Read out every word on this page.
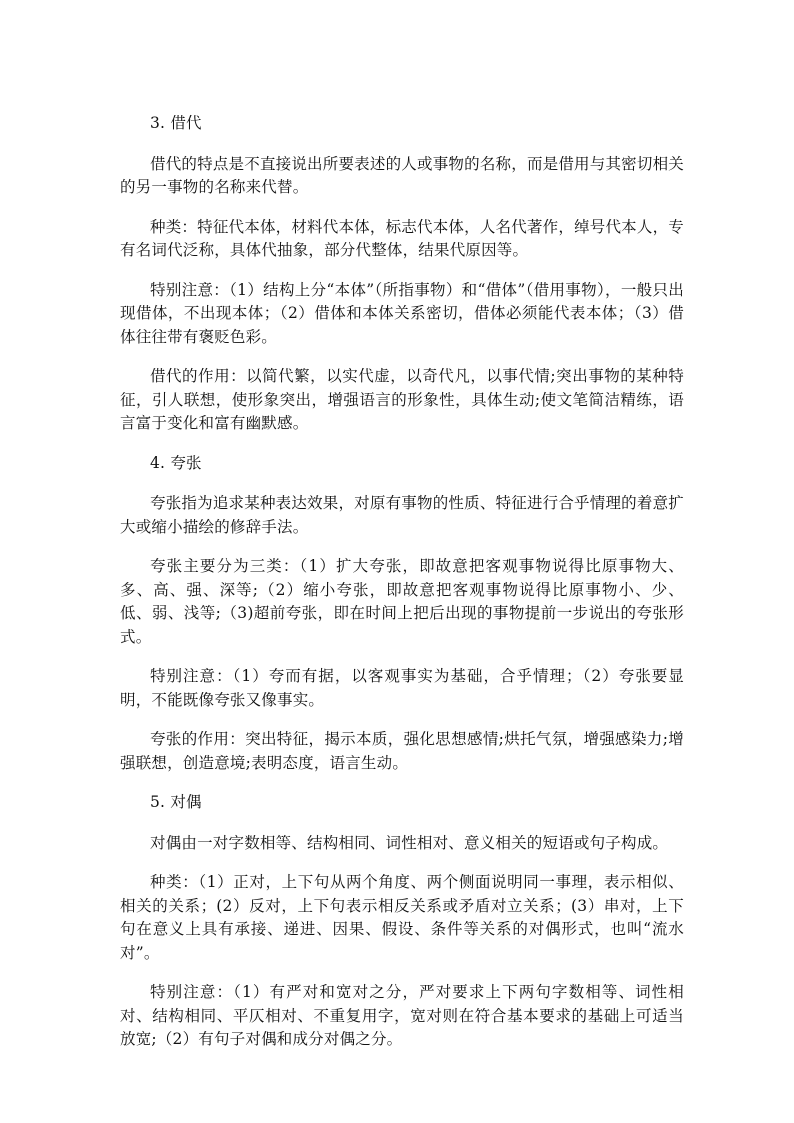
3. 借代

借代的特点是不直接说出所要表述的人或事物的名称，而是借用与其密切相关的另一事物的名称来代替。

种类：特征代本体，材料代本体，标志代本体，人名代著作，绰号代本人，专有名词代泛称，具体代抽象，部分代整体，结果代原因等。

特别注意：（1）结构上分“本体”（所指事物）和“借体”（借用事物），一般只出现借体，不出现本体；（2）借体和本体关系密切，借体必须能代表本体；（3）借体往往带有褒贬色彩。

借代的作用：以简代繁，以实代虚，以奇代凡，以事代情;突出事物的某种特征，引人联想，使形象突出，增强语言的形象性，具体生动;使文笔简洁精练，语言富于变化和富有幽默感。

4. 夸张

夸张指为追求某种表达效果，对原有事物的性质、特征进行合乎情理的着意扩大或缩小描绘的修辞手法。

夸张主要分为三类：（1）扩大夸张，即故意把客观事物说得比原事物大、多、高、强、深等;（2）缩小夸张，即故意把客观事物说得比原事物小、少、低、弱、浅等;（3)超前夸张，即在时间上把后出现的事物提前一步说出的夸张形式。

特别注意：（1）夸而有据，以客观事实为基础，合乎情理；（2）夸张要显明，不能既像夸张又像事实。

夸张的作用：突出特征，揭示本质，强化思想感情;烘托气氛，增强感染力;增强联想，创造意境;表明态度，语言生动。

5. 对偶

对偶由一对字数相等、结构相同、词性相对、意义相关的短语或句子构成。

种类：（1）正对，上下句从两个角度、两个侧面说明同一事理，表示相似、相关的关系；(2）反对，上下句表示相反关系或矛盾对立关系；(3）串对，上下句在意义上具有承接、递进、因果、假设、条件等关系的对偶形式，也叫“流水对”。

特别注意：（1）有严对和宽对之分，严对要求上下两句字数相等、词性相对、结构相同、平仄相对、不重复用字，宽对则在符合基本要求的基础上可适当放宽;（2）有句子对偶和成分对偶之分。
